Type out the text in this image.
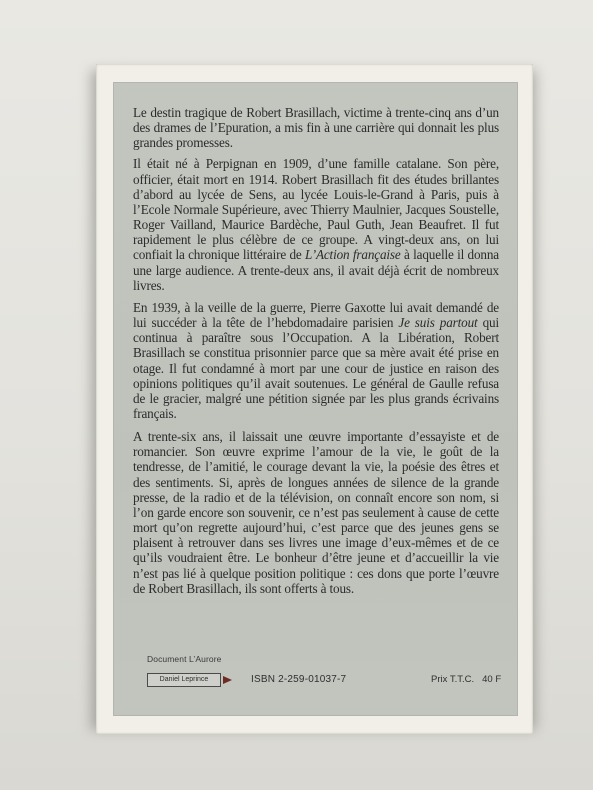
Le destin tragique de Robert Brasillach, victime à trente-cinq ans d’un des drames de l’Epuration, a mis fin à une carrière qui donnait les plus grandes promesses.

Il était né à Perpignan en 1909, d’une famille catalane. Son père, officier, était mort en 1914. Robert Brasillach fit des études brillantes d’abord au lycée de Sens, au lycée Louis-le-Grand à Paris, puis à l’Ecole Normale Supérieure, avec Thierry Maulnier, Jacques Soustelle, Roger Vailland, Maurice Bardèche, Paul Guth, Jean Beaufret. Il fut rapidement le plus célèbre de ce groupe. A vingt-deux ans, on lui confiait la chronique littéraire de L’Action française à laquelle il donna une large audience. A trente-deux ans, il avait déjà écrit de nombreux livres.

En 1939, à la veille de la guerre, Pierre Gaxotte lui avait demandé de lui succéder à la tête de l’hebdomadaire parisien Je suis partout qui continua à paraître sous l’Occupation. A la Libération, Robert Brasillach se constitua prisonnier parce que sa mère avait été prise en otage. Il fut condamné à mort par une cour de justice en raison des opinions politiques qu’il avait soutenues. Le général de Gaulle refusa de le gracier, malgré une pétition signée par les plus grands écrivains français.

A trente-six ans, il laissait une œuvre importante d’essayiste et de romancier. Son œuvre exprime l’amour de la vie, le goût de la tendresse, de l’amitié, le courage devant la vie, la poésie des êtres et des sentiments. Si, après de longues années de silence de la grande presse, de la radio et de la télévision, on connaît encore son nom, si l’on garde encore son souvenir, ce n’est pas seulement à cause de cette mort qu’on regrette aujourd’hui, c’est parce que des jeunes gens se plaisent à retrouver dans ses livres une image d’eux-mêmes et de ce qu’ils voudraient être. Le bonheur d’être jeune et d’accueillir la vie n’est pas lié à quelque position politique : ces dons que porte l’œuvre de Robert Brasillach, ils sont offerts à tous.

Document L’Aurore
Daniel Leprince	ISBN 2-259-01037-7	Prix T.T.C. 40 F
